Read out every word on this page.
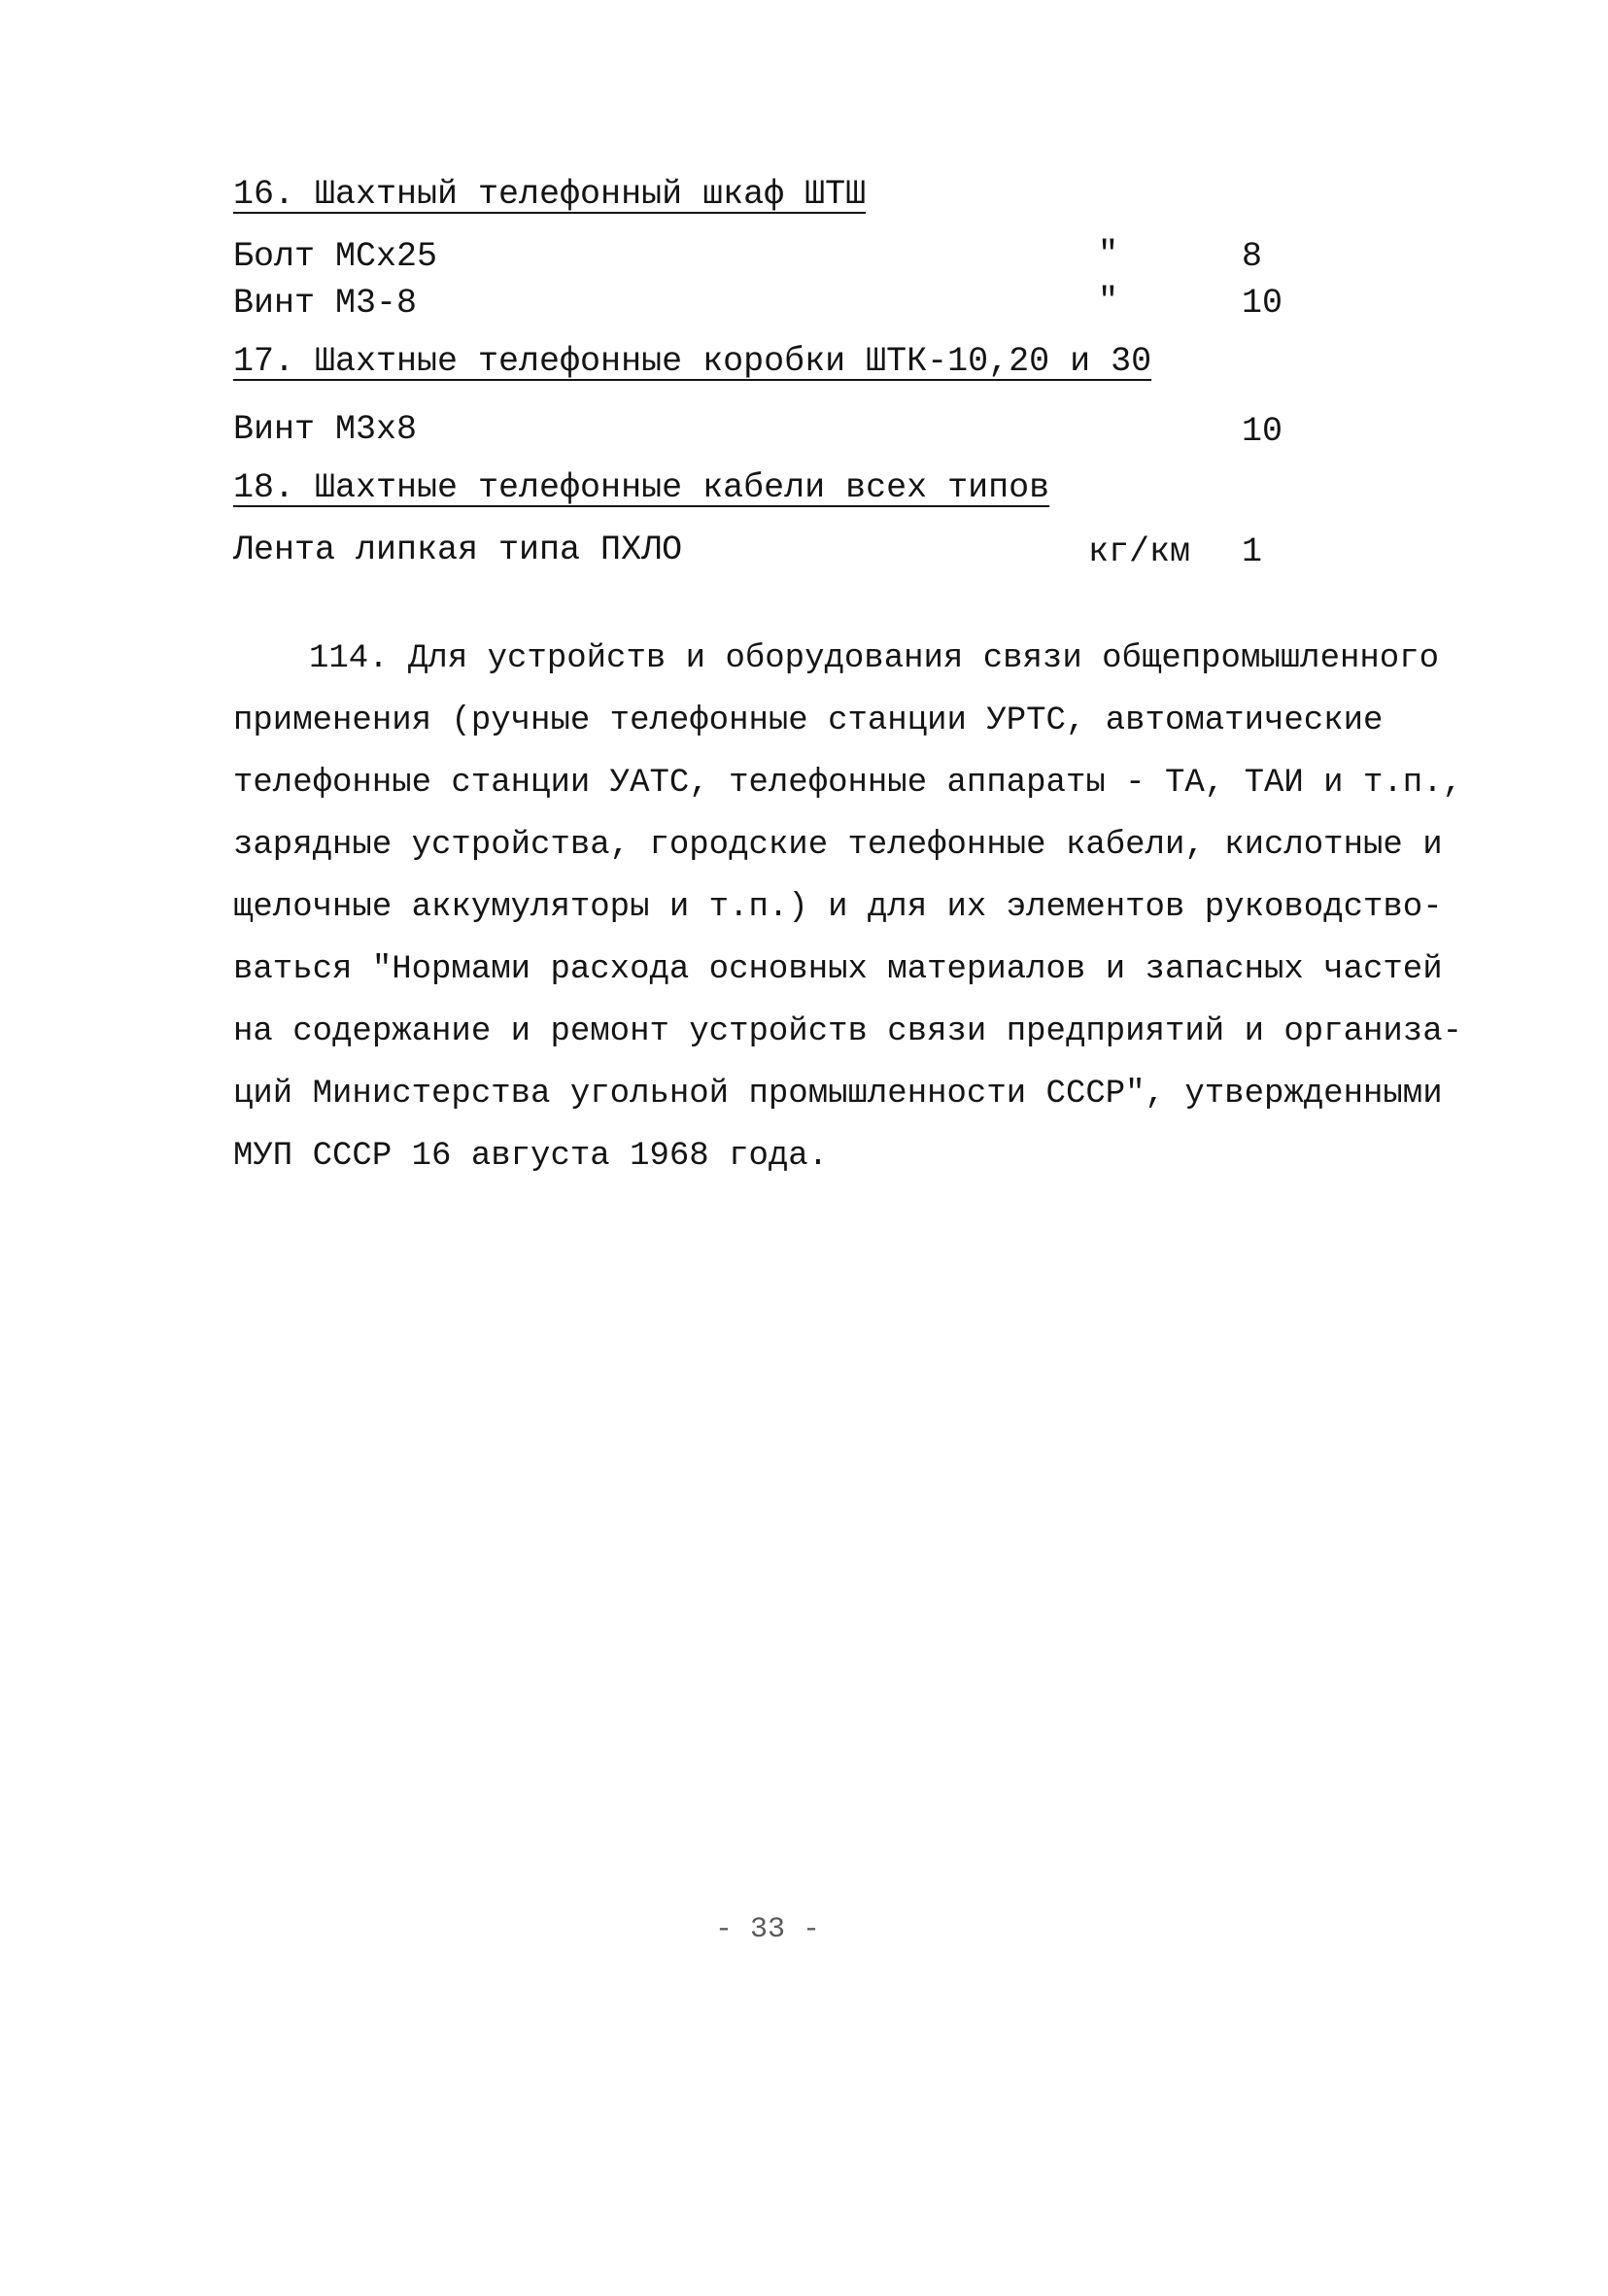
16. Шахтный телефонный шкаф ШТШ
Болт МСх25	"	8
Винт М3-8	"	10
17. Шахтные телефонные коробки ШТК-10,20 и 30
Винт М3х8	10
18. Шахтные телефонные кабели всех типов
Лента липкая типа ПХЛО	кг/км 1
114. Для устройств и оборудования связи общепромышленного
применения (ручные телефонные станции УРТС, автоматические
телефонные станции УАТС, телефонные аппараты - ТА, ТАИ и т.п.,
зарядные устройства, городские телефонные кабели, кислотные и
щелочные аккумуляторы и т.п.) и для их элементов руководство-
ваться "Нормами расхода основных материалов и запасных частей
на содержание и ремонт устройств связи предприятий и организа-
ций Министерства угольной промышленности СССР", утвержденными
МУП СССР 16 августа 1968 года.
- 33 -
